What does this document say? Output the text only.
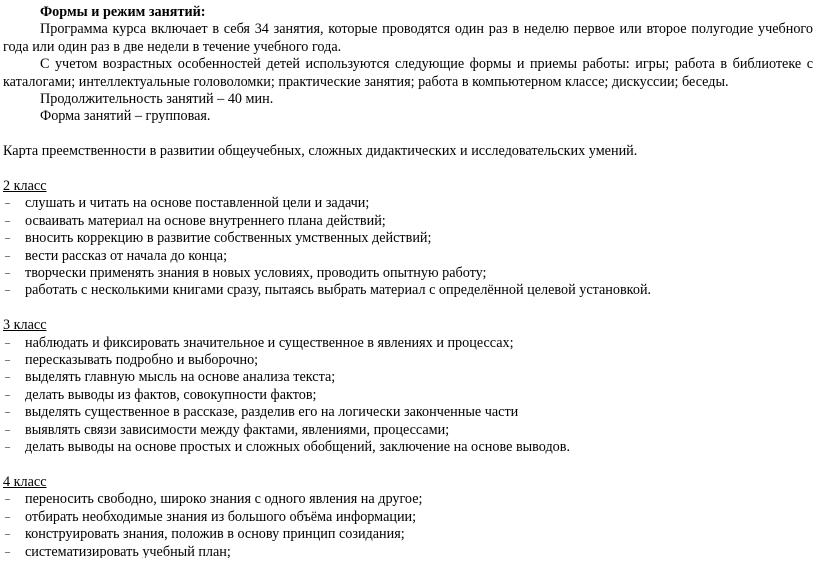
Формы и режим занятий:

Программа курса включает в себя 34 занятия, которые проводятся один раз в неделю первое или второе полугодие учебного года или один раз в две недели в течение учебного года.

С учетом возрастных особенностей детей используются следующие формы и приемы работы: игры; работа в библиотеке с каталогами; интеллектуальные головоломки; практические занятия; работа в компьютерном классе; дискуссии; беседы.

Продолжительность занятий – 40 мин.

Форма занятий – групповая.

Карта преемственности в развитии общеучебных, сложных дидактических и исследовательских умений.

2 класс

– слушать и читать на основе поставленной цели и задачи;
– осваивать материал на основе внутреннего плана действий;
– вносить коррекцию в развитие собственных умственных действий;
– вести рассказ от начала до конца;
– творчески применять знания в новых условиях, проводить опытную работу;
– работать с несколькими книгами сразу, пытаясь выбрать материал с определённой целевой установкой.

3 класс

– наблюдать и фиксировать значительное и существенное в явлениях и процессах;
– пересказывать подробно и выборочно;
– выделять главную мысль на основе анализа текста;
– делать выводы из фактов, совокупности фактов;
– выделять существенное в рассказе, разделив его на логически законченные части
– выявлять связи зависимости между фактами, явлениями, процессами;
– делать выводы на основе простых и сложных обобщений, заключение на основе выводов.

4 класс

– переносить свободно, широко знания с одного явления на другое;
– отбирать необходимые знания из большого объёма информации;
– конструировать знания, положив в основу принцип созидания;
– систематизировать учебный план;
